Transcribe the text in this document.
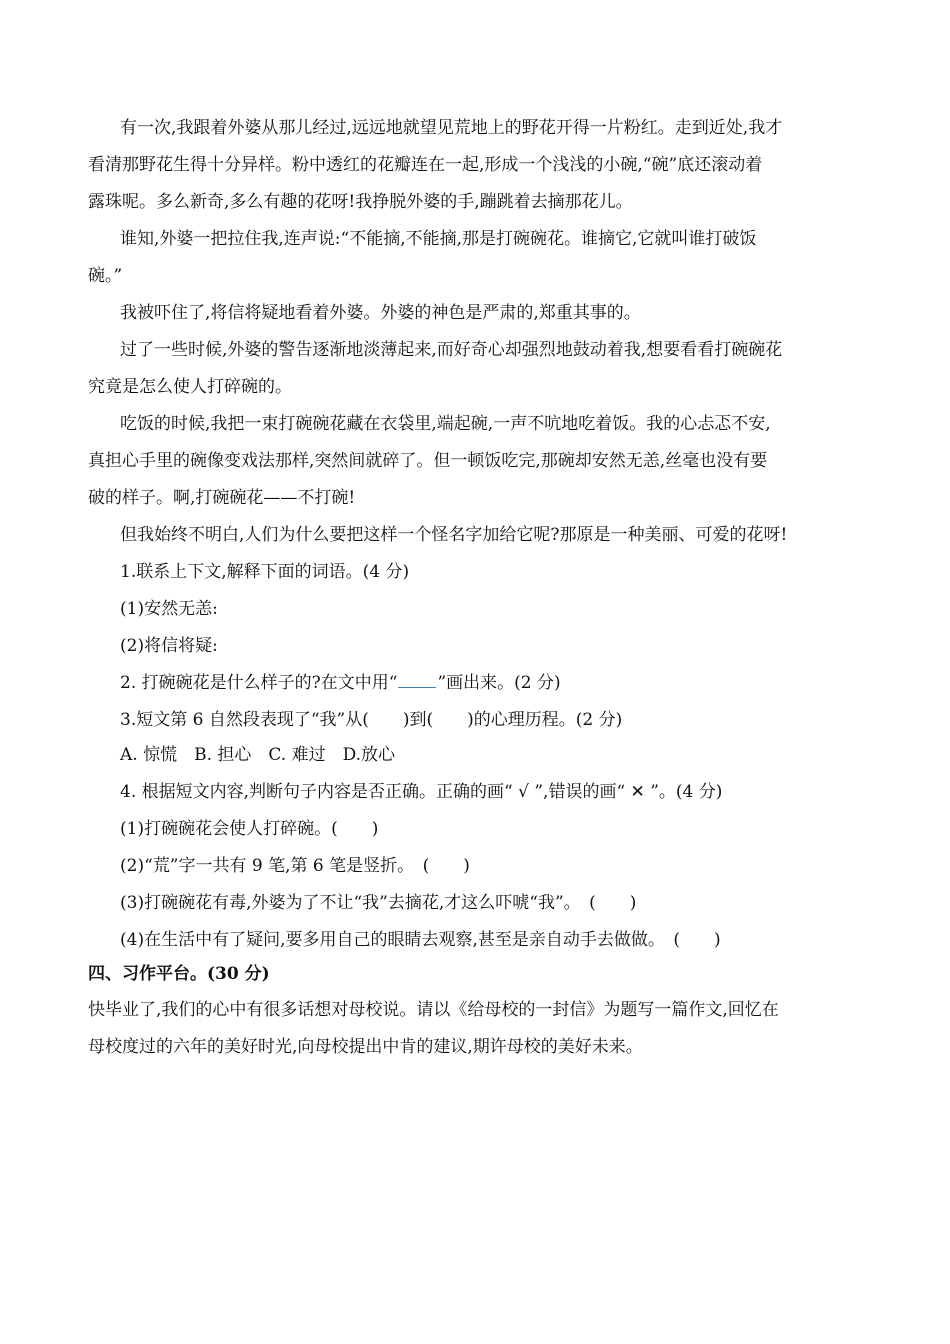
有一次,我跟着外婆从那儿经过,远远地就望见荒地上的野花开得一片粉红。走到近处,我才
看清那野花生得十分异样。粉中透红的花瓣连在一起,形成一个浅浅的小碗,“碗”底还滚动着
露珠呢。多么新奇,多么有趣的花呀!我挣脱外婆的手,蹦跳着去摘那花儿。
谁知,外婆一把拉住我,连声说:“不能摘,不能摘,那是打碗碗花。谁摘它,它就叫谁打破饭
碗。”
我被吓住了,将信将疑地看着外婆。外婆的神色是严肃的,郑重其事的。
过了一些时候,外婆的警告逐渐地淡薄起来,而好奇心却强烈地鼓动着我,想要看看打碗碗花
究竟是怎么使人打碎碗的。
吃饭的时候,我把一束打碗碗花藏在衣袋里,端起碗,一声不吭地吃着饭。我的心忐忑不安,
真担心手里的碗像变戏法那样,突然间就碎了。但一顿饭吃完,那碗却安然无恙,丝毫也没有要
破的样子。啊,打碗碗花——不打碗!
但我始终不明白,人们为什么要把这样一个怪名字加给它呢?那原是一种美丽、可爱的花呀!
1.联系上下文,解释下面的词语。(4 分)
(1)安然无恙:
(2)将信将疑:
2. 打碗碗花是什么样子的?在文中用“ ”画出来。(2 分)
3.短文第 6 自然段表现了“我”从(　　)到(　　)的心理历程。(2 分)
A. 惊慌　B. 担心　C. 难过　D.放心
4. 根据短文内容,判断句子内容是否正确。正确的画“ √ ”,错误的画“ ✕ ”。(4 分)
(1)打碗碗花会使人打碎碗。(　　)
(2)“荒”字一共有 9 笔,第 6 笔是竖折。　(　　)
(3)打碗碗花有毒,外婆为了不让“我”去摘花,才这么吓唬“我”。　(　　)
(4)在生活中有了疑问,要多用自己的眼睛去观察,甚至是亲自动手去做做。　(　　)
四、习作平台。(30 分)
快毕业了,我们的心中有很多话想对母校说。请以《给母校的一封信》为题写一篇作文,回忆在
母校度过的六年的美好时光,向母校提出中肯的建议,期许母校的美好未来。
